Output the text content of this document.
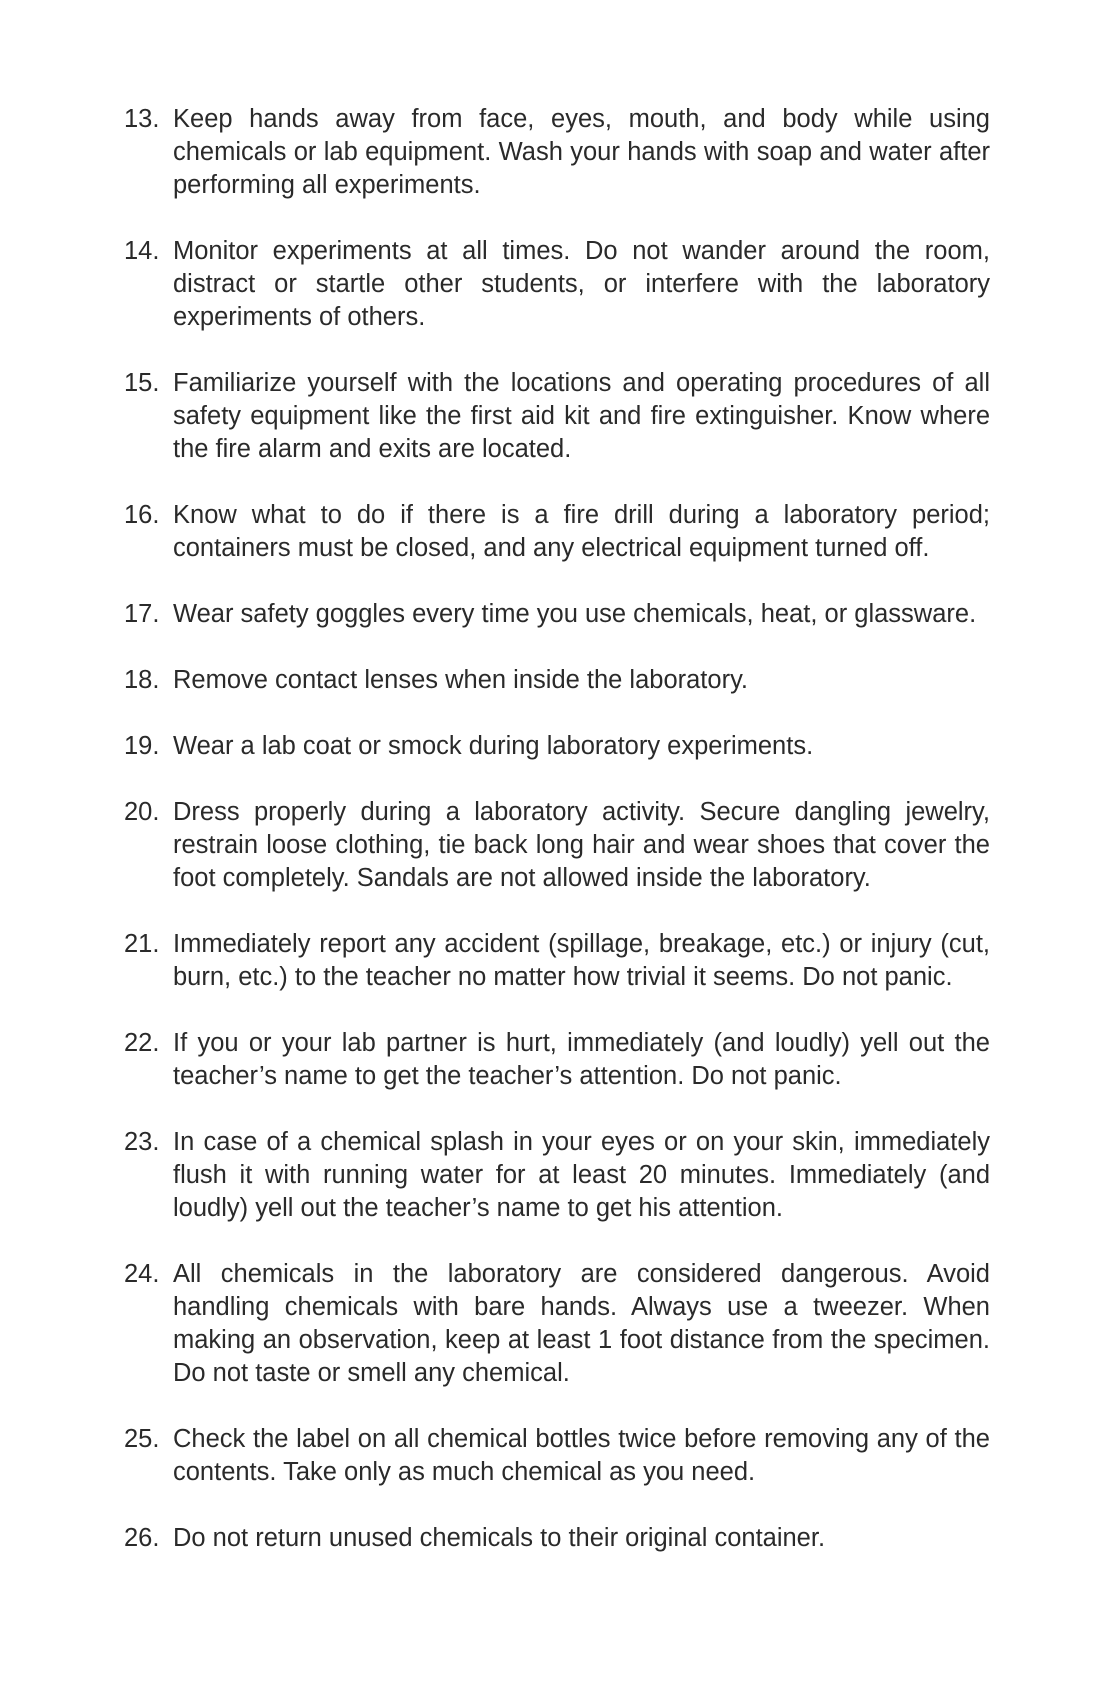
13. Keep hands away from face, eyes, mouth, and body while using chemicals or lab equipment. Wash your hands with soap and water after performing all experiments.
14. Monitor experiments at all times. Do not wander around the room, distract or startle other students, or interfere with the laboratory experiments of others.
15. Familiarize yourself with the locations and operating procedures of all safety equipment like the first aid kit and fire extinguisher. Know where the fire alarm and exits are located.
16. Know what to do if there is a fire drill during a laboratory period; containers must be closed, and any electrical equipment turned off.
17. Wear safety goggles every time you use chemicals, heat, or glassware.
18. Remove contact lenses when inside the laboratory.
19. Wear a lab coat or smock during laboratory experiments.
20. Dress properly during a laboratory activity. Secure dangling jewelry, restrain loose clothing, tie back long hair and wear shoes that cover the foot completely. Sandals are not allowed inside the laboratory.
21. Immediately report any accident (spillage, breakage, etc.) or injury (cut, burn, etc.) to the teacher no matter how trivial it seems. Do not panic.
22. If you or your lab partner is hurt, immediately (and loudly) yell out the teacher’s name to get the teacher’s attention. Do not panic.
23. In case of a chemical splash in your eyes or on your skin, immediately flush it with running water for at least 20 minutes. Immediately (and loudly) yell out the teacher’s name to get his attention.
24. All chemicals in the laboratory are considered dangerous. Avoid handling chemicals with bare hands. Always use a tweezer. When making an observation, keep at least 1 foot distance from the specimen. Do not taste or smell any chemical.
25. Check the label on all chemical bottles twice before removing any of the contents. Take only as much chemical as you need.
26. Do not return unused chemicals to their original container.
